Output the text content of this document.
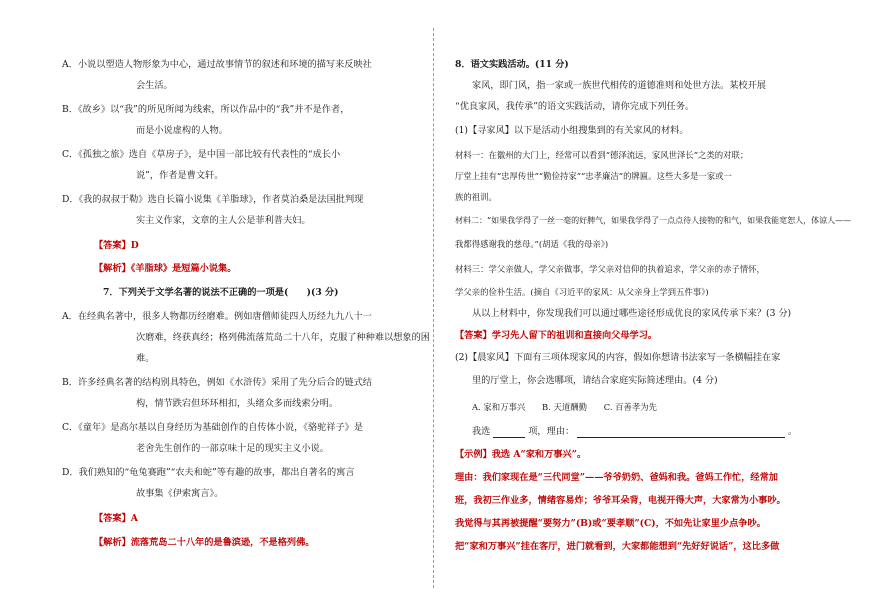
A．小说以塑造人物形象为中心，通过故事情节的叙述和环境的描写来反映社
会生活。
B．《故乡》以“我”的所见所闻为线索，所以作品中的“我”并不是作者，
而是小说虚构的人物。
C．《孤独之旅》选自《草房子》，是中国一部比较有代表性的“成长小
说”，作者是曹文轩。
D．《我的叔叔于勒》选自长篇小说集《羊脂球》，作者莫泊桑是法国批判现
实主义作家，文章的主人公是菲利普夫妇。
【答案】D
【解析】《羊脂球》是短篇小说集。
7．下列关于文学名著的说法不正确的一项是(　　)(3 分)
A．在经典名著中，很多人物都历经磨难。例如唐僧师徒四人历经九九八十一
次磨难，终获真经；格列佛流落荒岛二十八年，克服了种种难以想象的困
难。
B．许多经典名著的结构别具特色，例如《水浒传》采用了先分后合的链式结
构，情节跌宕但环环相扣，头绪众多而线索分明。
C．《童年》是高尔基以自身经历为基础创作的自传体小说，《骆驼祥子》是
老舍先生创作的一部京味十足的现实主义小说。
D．我们熟知的“龟兔赛跑”“农夫和蛇”等有趣的故事，都出自著名的寓言
故事集《伊索寓言》。
【答案】A
【解析】流落荒岛二十八年的是鲁滨逊，不是格列佛。
8．语文实践活动。(11 分)
家风，即门风，指一家或一族世代相传的道德准则和处世方法。某校开展
“优良家风，我传承”的语文实践活动，请你完成下列任务。
(1)【寻家风】以下是活动小组搜集到的有关家风的材料。
材料一：在徽州的大门上，经常可以看到“德泽流远，家风世泽长”之类的对联；
厅堂上挂有“忠厚传世”“勤俭持家”“忠孝廉洁”的牌匾。这些大多是一家或一
族的祖训。
材料二：“如果我学得了一丝一毫的好脾气，如果我学得了一点点待人接物的和气，如果我能宽恕人，体谅人——
我都得感谢我的慈母。”(胡适《我的母亲》)
材料三：学父亲做人，学父亲做事，学父亲对信仰的执着追求，学父亲的赤子情怀，
学父亲的俭朴生活。(摘自《习近平的家风：从父亲身上学到五件事》)
从以上材料中，你发现我们可以通过哪些途径形成优良的家风传承下来？(3 分)
【答案】学习先人留下的祖训和直接向父母学习。
(2)【晨家风】下面有三项体现家风的内容，假如你想请书法家写一条横幅挂在家
里的厅堂上，你会选哪项，请结合家庭实际简述理由。(4 分)
A. 家和万事兴　　B. 天道酬勤　　C. 百善孝为先
我选	项，理由：	。
【示例】我选 A“家和万事兴”。
理由：我们家现在是“三代同堂”——爷爷奶奶、爸妈和我。爸妈工作忙，经常加
班，我初三作业多，情绪容易炸；爷爷耳朵背，电视开得大声，大家常为小事吵。
我觉得与其再被提醒“要努力”(B)或“要孝顺”(C)，不如先让家里少点争吵。
把“家和万事兴”挂在客厅，进门就看到，大家都能想到“先好好说话”，这比多做
